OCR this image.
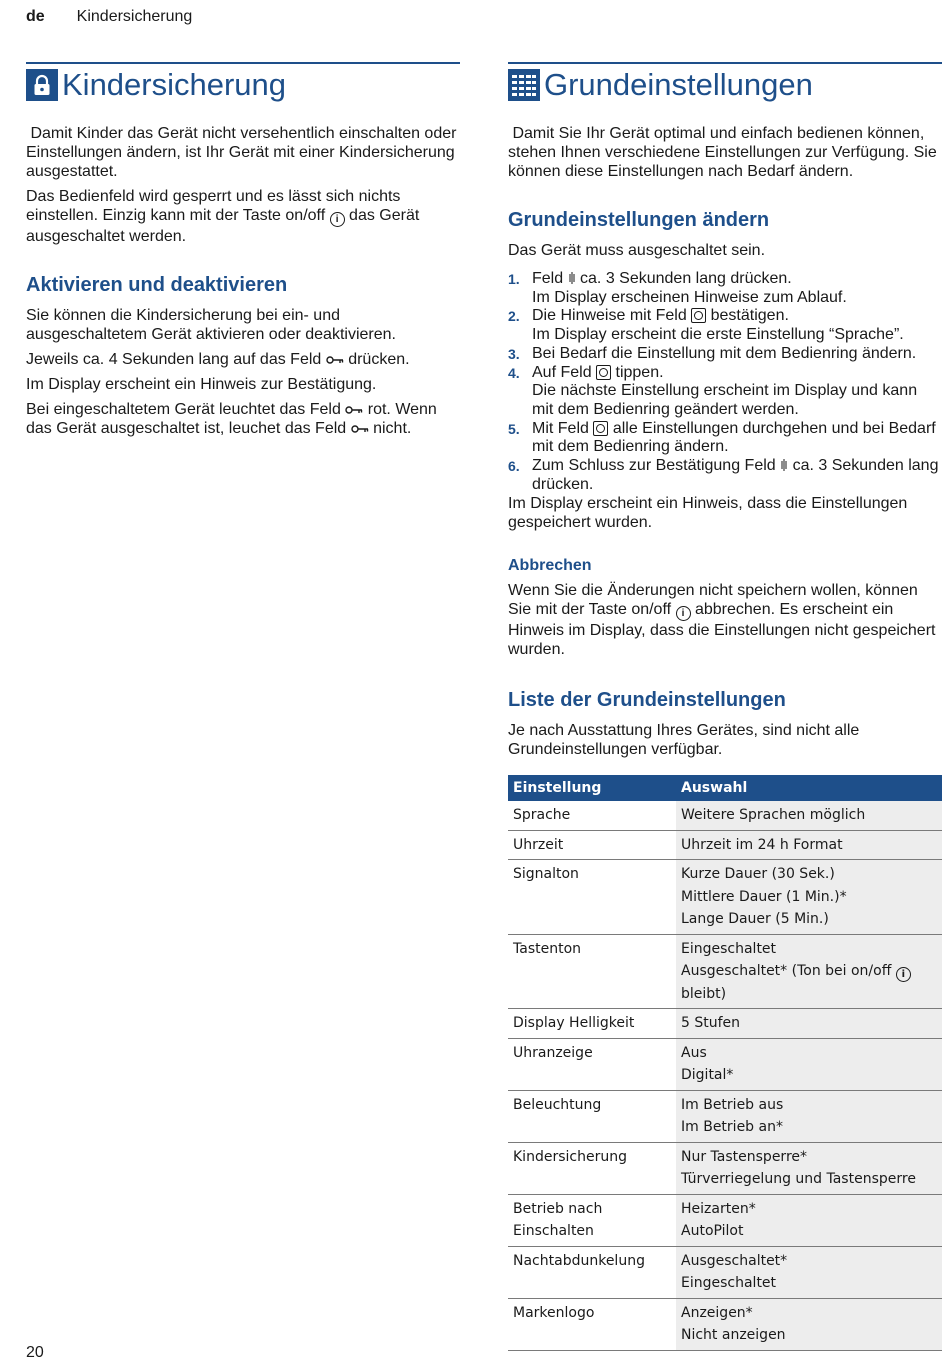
de Kindersicherung
Kindersicherung

Damit Kinder das Gerät nicht versehentlich einschalten oder Einstellungen ändern, ist Ihr Gerät mit einer Kindersicherung ausgestattet.

Das Bedienfeld wird gesperrt und es lässt sich nichts einstellen. Einzig kann mit der Taste on/off i das Gerät ausgeschaltet werden.

Aktivieren und deaktivieren

Sie können die Kindersicherung bei ein- und ausgeschaltetem Gerät aktivieren oder deaktivieren.

Jeweils ca. 4 Sekunden lang auf das Feld drücken.

Im Display erscheint ein Hinweis zur Bestätigung.

Bei eingeschaltetem Gerät leuchtet das Feld rot. Wenn das Gerät ausgeschaltet ist, leuchet das Feld nicht.

Grundeinstellungen

Damit Sie Ihr Gerät optimal und einfach bedienen können, stehen Ihnen verschiedene Einstellungen zur Verfügung. Sie können diese Einstellungen nach Bedarf ändern.

Grundeinstellungen ändern

Das Gerät muss ausgeschaltet sein.

1. Feld ca. 3 Sekunden lang drücken.
Im Display erscheinen Hinweise zum Ablauf.
2. Die Hinweise mit Feld bestätigen.
Im Display erscheint die erste Einstellung “Sprache”.
3. Bei Bedarf die Einstellung mit dem Bedienring ändern.
4. Auf Feld tippen.
Die nächste Einstellung erscheint im Display und kann mit dem Bedienring geändert werden.
5. Mit Feld alle Einstellungen durchgehen und bei Bedarf mit dem Bedienring ändern.
6. Zum Schluss zur Bestätigung Feld ca. 3 Sekunden lang drücken.

Im Display erscheint ein Hinweis, dass die Einstellungen gespeichert wurden.

Abbrechen

Wenn Sie die Änderungen nicht speichern wollen, können Sie mit der Taste on/off i abbrechen. Es erscheint ein Hinweis im Display, dass die Einstellungen nicht gespeichert wurden.

Liste der Grundeinstellungen

Je nach Ausstattung Ihres Gerätes, sind nicht alle Grundeinstellungen verfügbar.

Einstellung	Auswahl
Sprache	Weitere Sprachen möglich
Uhrzeit	Uhrzeit im 24 h Format
Signalton	Kurze Dauer (30 Sek.)
Mittlere Dauer (1 Min.)*
Lange Dauer (5 Min.)
Tastenton	Eingeschaltet
Ausgeschaltet* (Ton bei on/off i bleibt)
Display Helligkeit	5 Stufen
Uhranzeige	Aus
Digital*
Beleuchtung	Im Betrieb aus
Im Betrieb an*
Kindersicherung	Nur Tastensperre*
Türverriegelung und Tastensperre
Betrieb nach Einschalten	Heizarten*
AutoPilot
Nachtabdunkelung	Ausgeschaltet*
Eingeschaltet
Markenlogo	Anzeigen*
Nicht anzeigen
20
